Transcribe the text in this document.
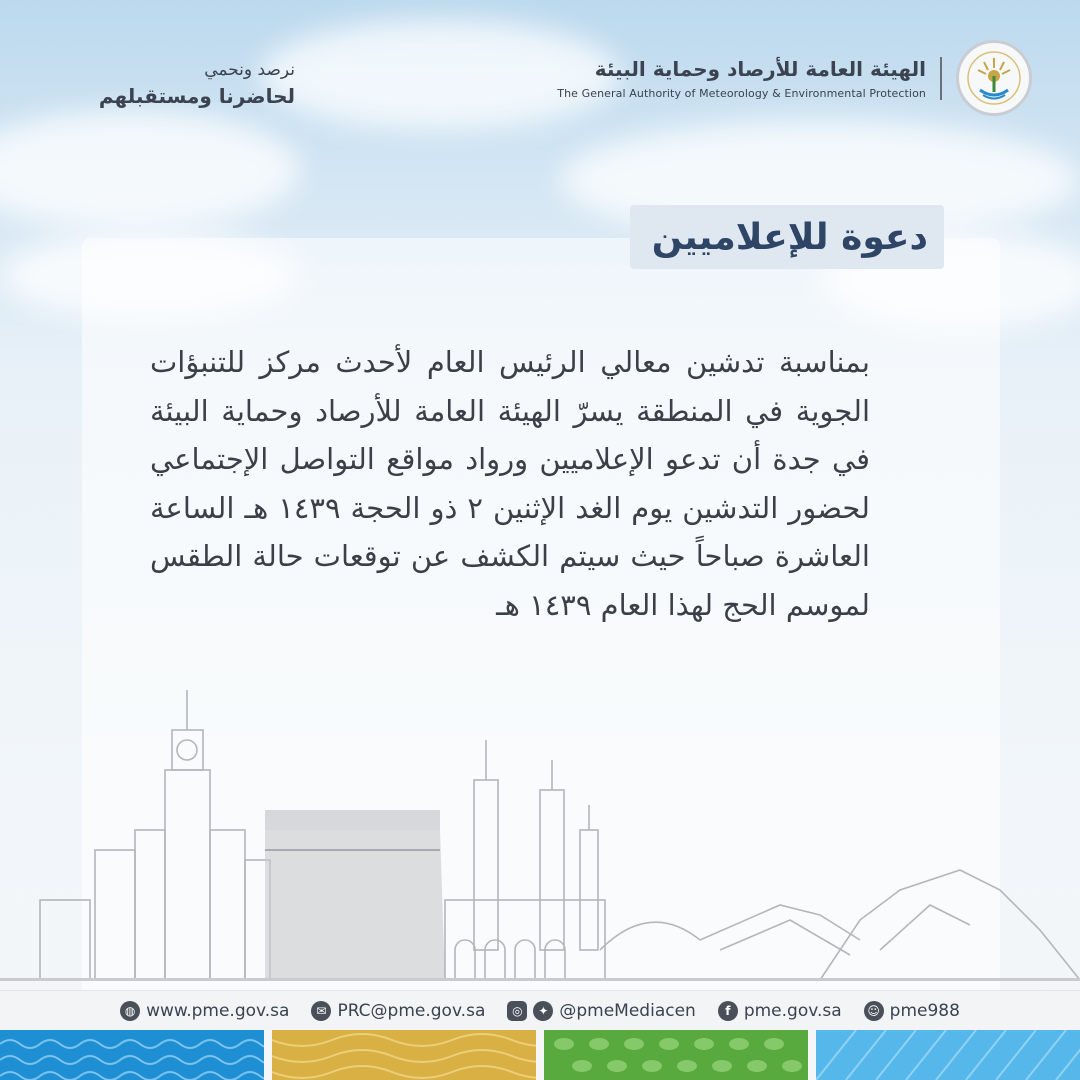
نرصد ونحمي
لحاضرنا ومستقبلهم
الهيئة العامة للأرصاد وحماية البيئة
The General Authority of Meteorology & Environmental Protection
دعوة للإعلاميين
بمناسبة تدشين معالي الرئيس العام لأحدث مركز للتنبؤات الجوية في المنطقة يسرّ الهيئة العامة للأرصاد وحماية البيئة في جدة أن تدعو الإعلاميين ورواد مواقع التواصل الإجتماعي لحضور التدشين يوم الغد الإثنين ٢ ذو الحجة ١٤٣٩ هـ الساعة العاشرة صباحاً حيث سيتم الكشف عن توقعات حالة الطقس لموسم الحج لهذا العام ١٤٣٩ هـ
◍ www.pme.gov.sa	✉ PRC@pme.gov.sa	◎	✦ @pmeMediacen	f pme.gov.sa	☺ pme988
